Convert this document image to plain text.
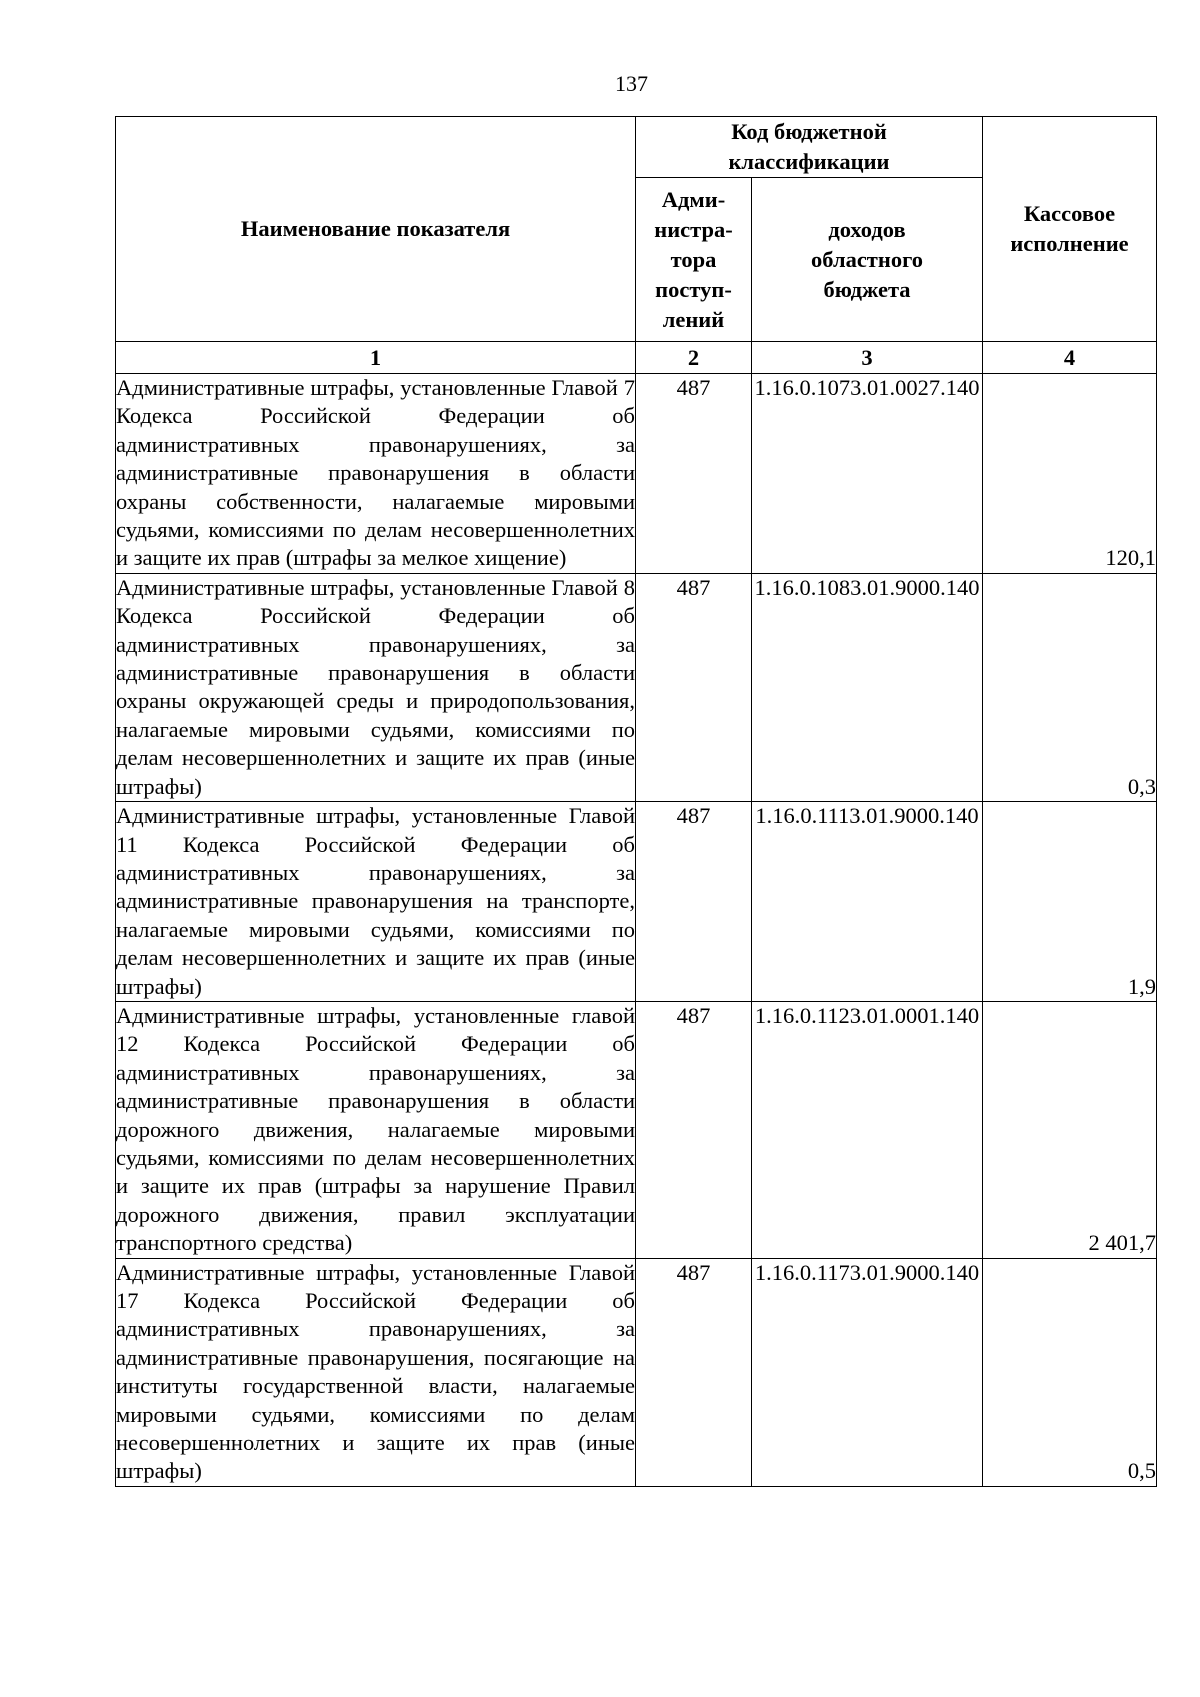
137
Наименование показателя	Код бюджетной классификации		Кассовое исполнение
	Адми-нистра-тора поступ-лений	доходов областного бюджета	
1	2	3	4
Административные штрафы, установленные Главой 7 Кодекса Российской Федерации об административных правонарушениях, за административные правонарушения в области охраны собственности, налагаемые мировыми судьями, комиссиями по делам несовершеннолетних и защите их прав (штрафы за мелкое хищение)	487	1.16.0.1073.01.0027.140	120,1
Административные штрафы, установленные Главой 8 Кодекса Российской Федерации об административных правонарушениях, за административные правонарушения в области охраны окружающей среды и природопользования, налагаемые мировыми судьями, комиссиями по делам несовершеннолетних и защите их прав (иные штрафы)	487	1.16.0.1083.01.9000.140	0,3
Административные штрафы, установленные Главой 11 Кодекса Российской Федерации об административных правонарушениях, за административные правонарушения на транспорте, налагаемые мировыми судьями, комиссиями по делам несовершеннолетних и защите их прав (иные штрафы)	487	1.16.0.1113.01.9000.140	1,9
Административные штрафы, установленные главой 12 Кодекса Российской Федерации об административных правонарушениях, за административные правонарушения в области дорожного движения, налагаемые мировыми судьями, комиссиями по делам несовершеннолетних и защите их прав (штрафы за нарушение Правил дорожного движения, правил эксплуатации транспортного средства)	487	1.16.0.1123.01.0001.140	2 401,7
Административные штрафы, установленные Главой 17 Кодекса Российской Федерации об административных правонарушениях, за административные правонарушения, посягающие на институты государственной власти, налагаемые мировыми судьями, комиссиями по делам несовершеннолетних и защите их прав (иные штрафы)	487	1.16.0.1173.01.9000.140	0,5
